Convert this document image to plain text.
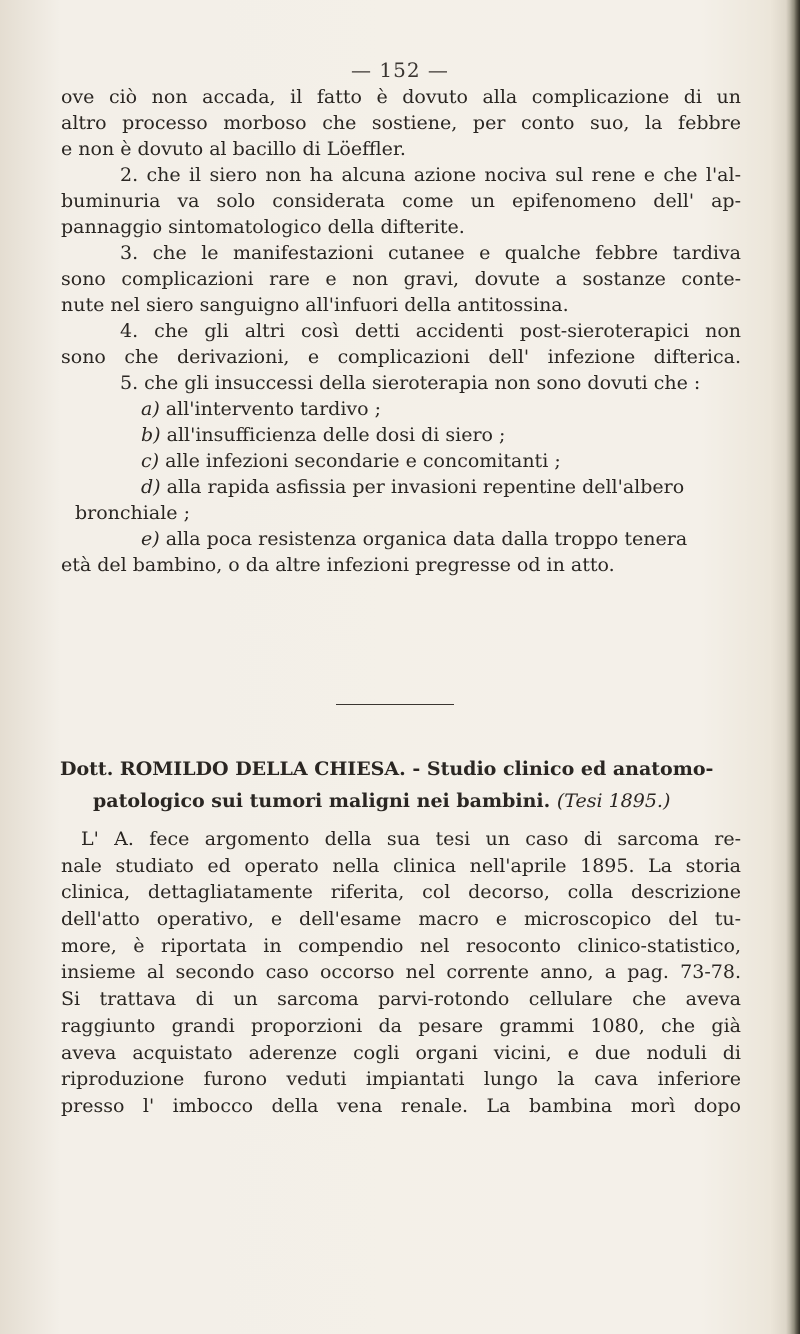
— 152 —
ove ciò non accada, il fatto è dovuto alla complicazione di un
altro processo morboso che sostiene, per conto suo, la febbre
e non è dovuto al bacillo di Löeffler.
2. che il siero non ha alcuna azione nociva sul rene e che l'al-
buminuria va solo considerata come un epifenomeno dell' ap-
pannaggio sintomatologico della difterite.
3. che le manifestazioni cutanee e qualche febbre tardiva
sono complicazioni rare e non gravi, dovute a sostanze conte-
nute nel siero sanguigno all'infuori della antitossina.
4. che gli altri così detti accidenti post-sieroterapici non
sono che derivazioni, e complicazioni dell' infezione difterica.
5. che gli insuccessi della sieroterapia non sono dovuti che :
a) all'intervento tardivo ;
b) all'insufficienza delle dosi di siero ;
c) alle infezioni secondarie e concomitanti ;
d) alla rapida asfissia per invasioni repentine dell'albero
bronchiale ;
e) alla poca resistenza organica data dalla troppo tenera
età del bambino, o da altre infezioni pregresse od in atto.
Dott. ROMILDO DELLA CHIESA. - Studio clinico ed anatomo-
patologico sui tumori maligni nei bambini. (Tesi 1895.)
L' A. fece argomento della sua tesi un caso di sarcoma re-
nale studiato ed operato nella clinica nell'aprile 1895. La storia
clinica, dettagliatamente riferita, col decorso, colla descrizione
dell'atto operativo, e dell'esame macro e microscopico del tu-
more, è riportata in compendio nel resoconto clinico-statistico,
insieme al secondo caso occorso nel corrente anno, a pag. 73-78.
Si trattava di un sarcoma parvi-rotondo cellulare che aveva
raggiunto grandi proporzioni da pesare grammi 1080, che già
aveva acquistato aderenze cogli organi vicini, e due noduli di
riproduzione furono veduti impiantati lungo la cava inferiore
presso l' imbocco della vena renale. La bambina morì dopo
